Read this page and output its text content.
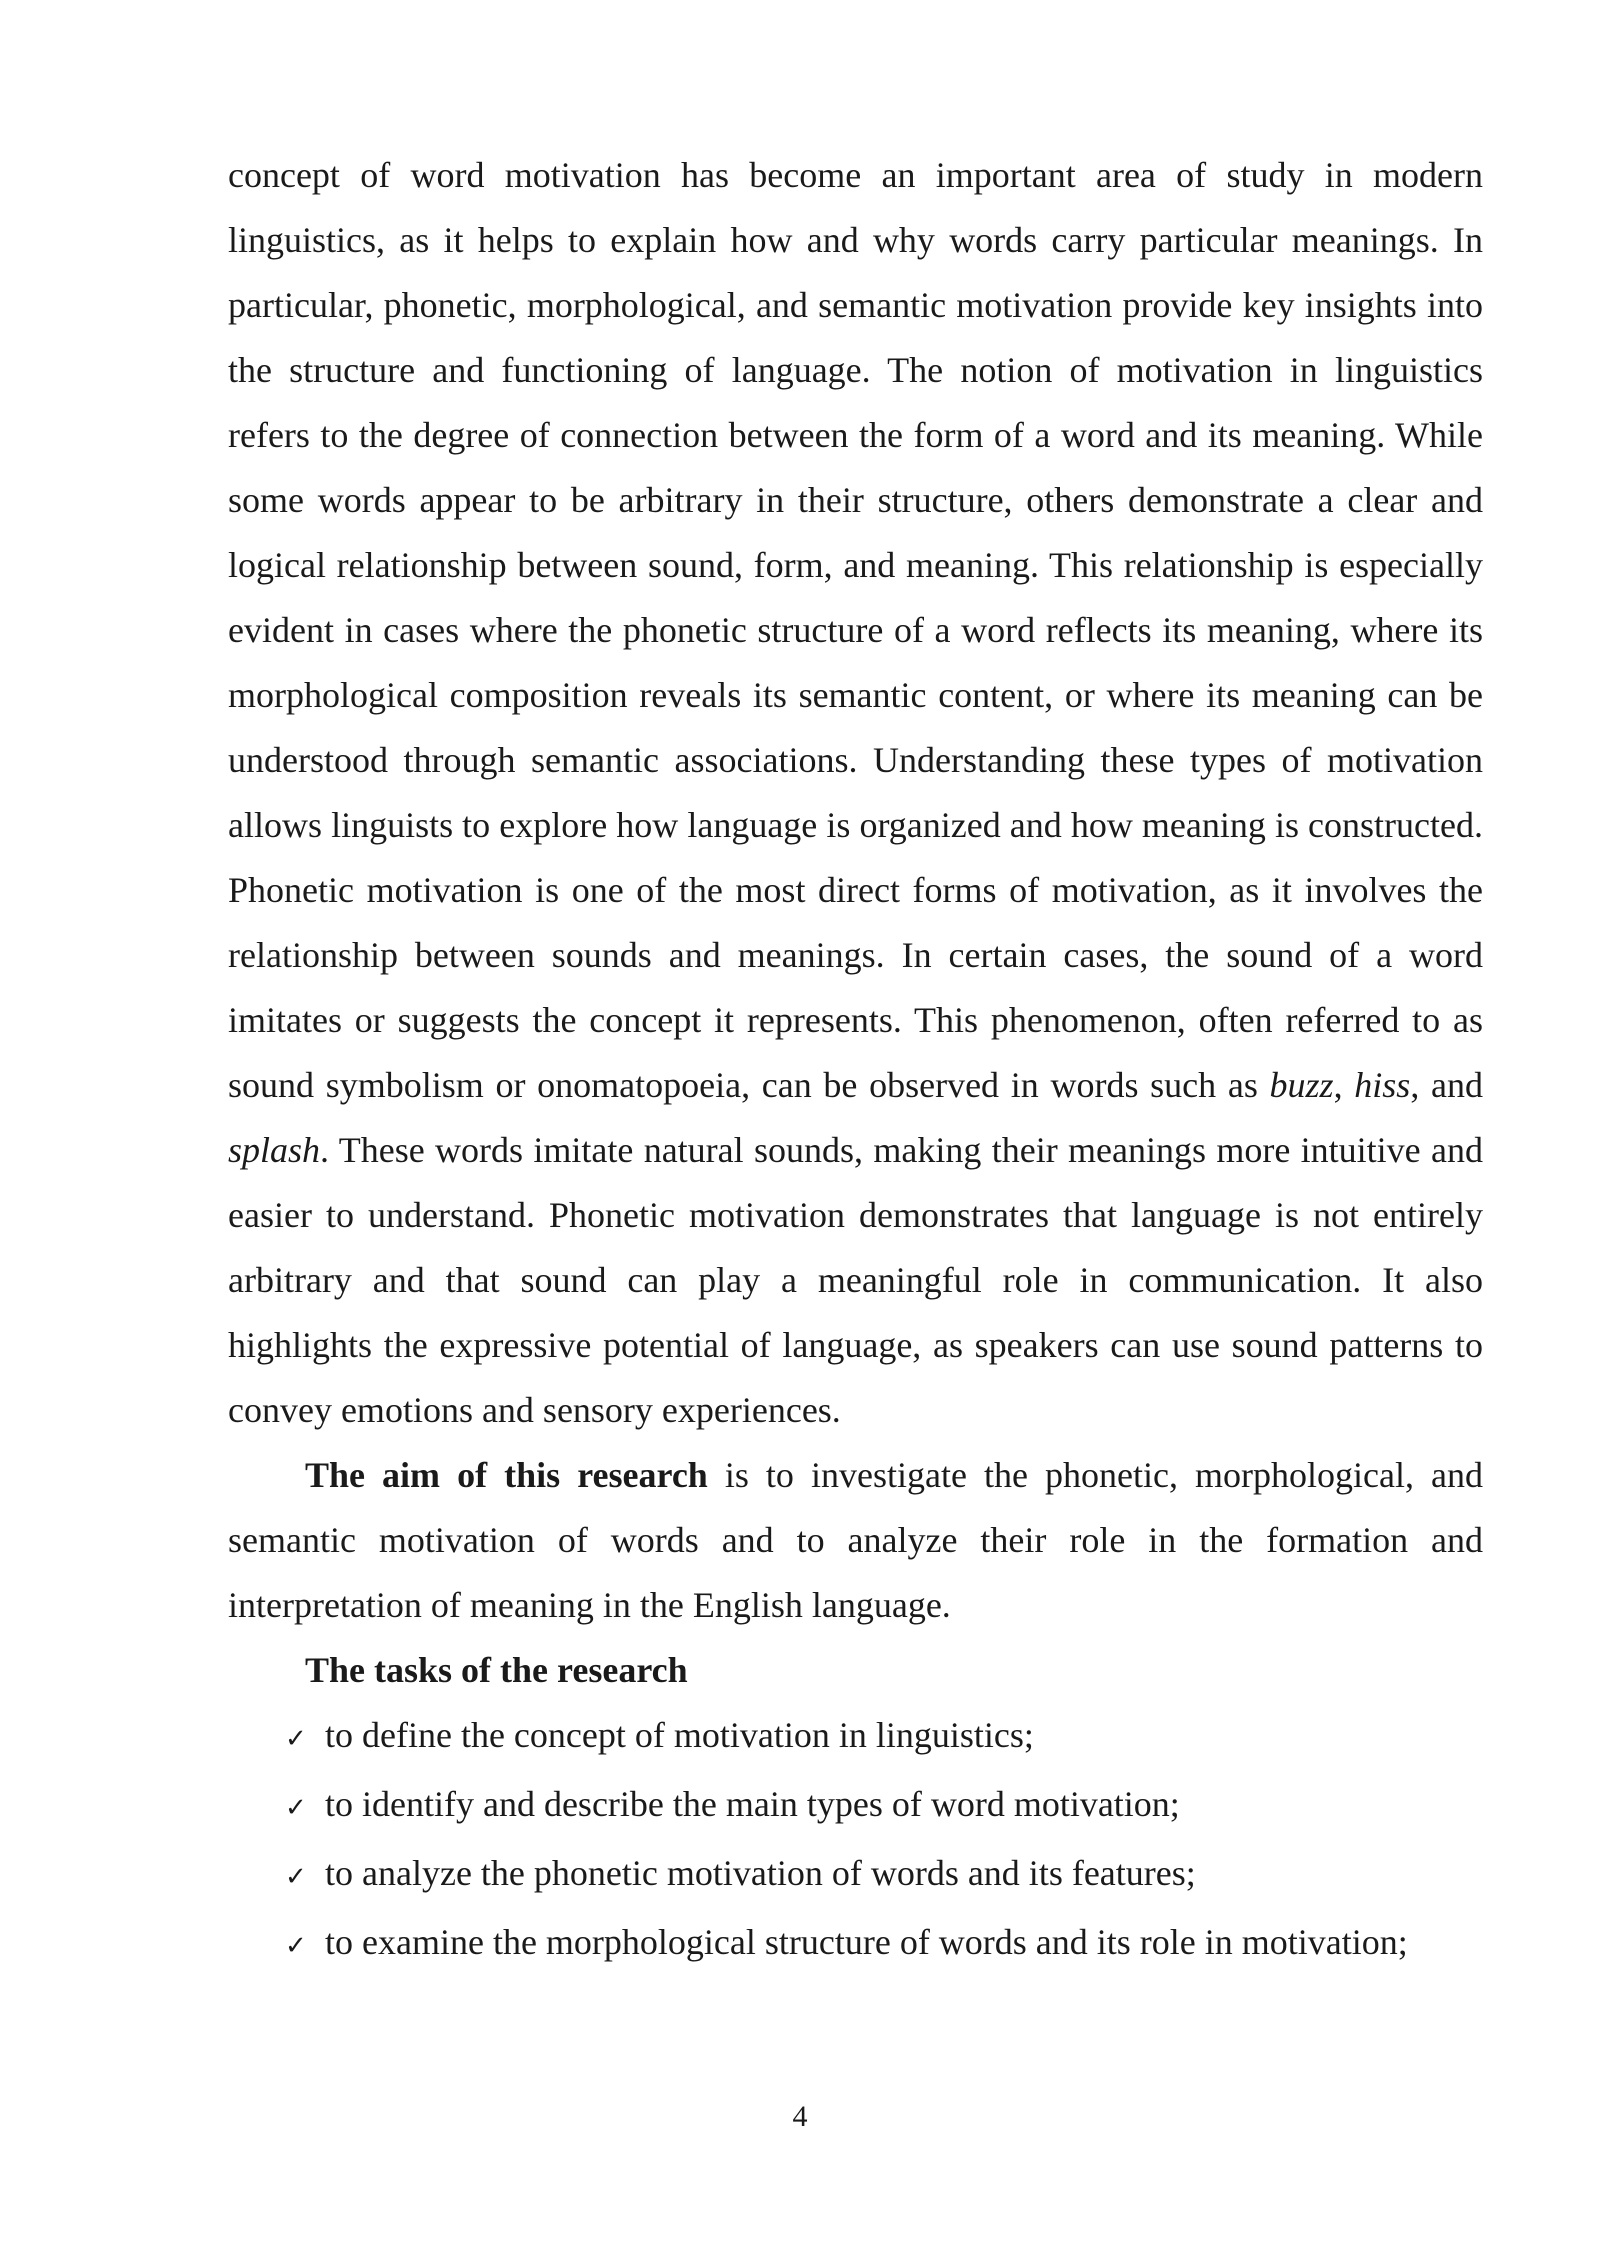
concept of word motivation has become an important area of study in modern linguistics, as it helps to explain how and why words carry particular meanings. In particular, phonetic, morphological, and semantic motivation provide key insights into the structure and functioning of language. The notion of motivation in linguistics refers to the degree of connection between the form of a word and its meaning. While some words appear to be arbitrary in their structure, others demonstrate a clear and logical relationship between sound, form, and meaning. This relationship is especially evident in cases where the phonetic structure of a word reflects its meaning, where its morphological composition reveals its semantic content, or where its meaning can be understood through semantic associations. Understanding these types of motivation allows linguists to explore how language is organized and how meaning is constructed. Phonetic motivation is one of the most direct forms of motivation, as it involves the relationship between sounds and meanings. In certain cases, the sound of a word imitates or suggests the concept it represents. This phenomenon, often referred to as sound symbolism or onomatopoeia, can be observed in words such as buzz, hiss, and splash. These words imitate natural sounds, making their meanings more intuitive and easier to understand. Phonetic motivation demonstrates that language is not entirely arbitrary and that sound can play a meaningful role in communication. It also highlights the expressive potential of language, as speakers can use sound patterns to convey emotions and sensory experiences.

The aim of this research is to investigate the phonetic, morphological, and semantic motivation of words and to analyze their role in the formation and interpretation of meaning in the English language.

The tasks of the research

✓ to define the concept of motivation in linguistics;
✓ to identify and describe the main types of word motivation;
✓ to analyze the phonetic motivation of words and its features;
✓ to examine the morphological structure of words and its role in motivation;
4
